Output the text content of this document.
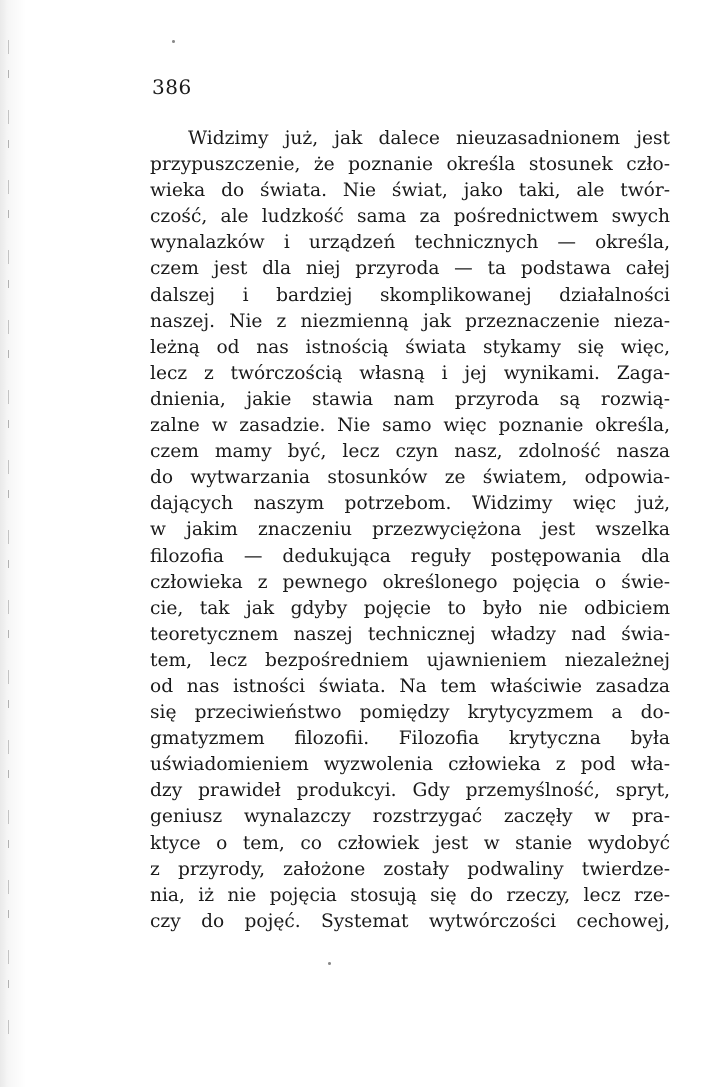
386
Widzimy już, jak dalece nieuzasadnionem jest
przypuszczenie, że poznanie określa stosunek czło-
wieka do świata. Nie świat, jako taki, ale twór-
czość, ale ludzkość sama za pośrednictwem swych
wynalazków i urządzeń technicznych — określa,
czem jest dla niej przyroda — ta podstawa całej
dalszej i bardziej skomplikowanej działalności
naszej. Nie z niezmienną jak przeznaczenie nieza-
leżną od nas istnością świata stykamy się więc,
lecz z twórczością własną i jej wynikami. Zaga-
dnienia, jakie stawia nam przyroda są rozwią-
zalne w zasadzie. Nie samo więc poznanie określa,
czem mamy być, lecz czyn nasz, zdolność nasza
do wytwarzania stosunków ze światem, odpowia-
dających naszym potrzebom. Widzimy więc już,
w jakim znaczeniu przezwyciężona jest wszelka
filozofia — dedukująca reguły postępowania dla
człowieka z pewnego określonego pojęcia o świe-
cie, tak jak gdyby pojęcie to było nie odbiciem
teoretycznem naszej technicznej władzy nad świa-
tem, lecz bezpośredniem ujawnieniem niezależnej
od nas istności świata. Na tem właściwie zasadza
się przeciwieństwo pomiędzy krytycyzmem a do-
gmatyzmem filozofii. Filozofia krytyczna była
uświadomieniem wyzwolenia człowieka z pod wła-
dzy prawideł produkcyi. Gdy przemyślność, spryt,
geniusz wynalazczy rozstrzygać zaczęły w pra-
ktyce o tem, co człowiek jest w stanie wydobyć
z przyrody, założone zostały podwaliny twierdze-
nia, iż nie pojęcia stosują się do rzeczy, lecz rze-
czy do pojęć. Systemat wytwórczości cechowej,
